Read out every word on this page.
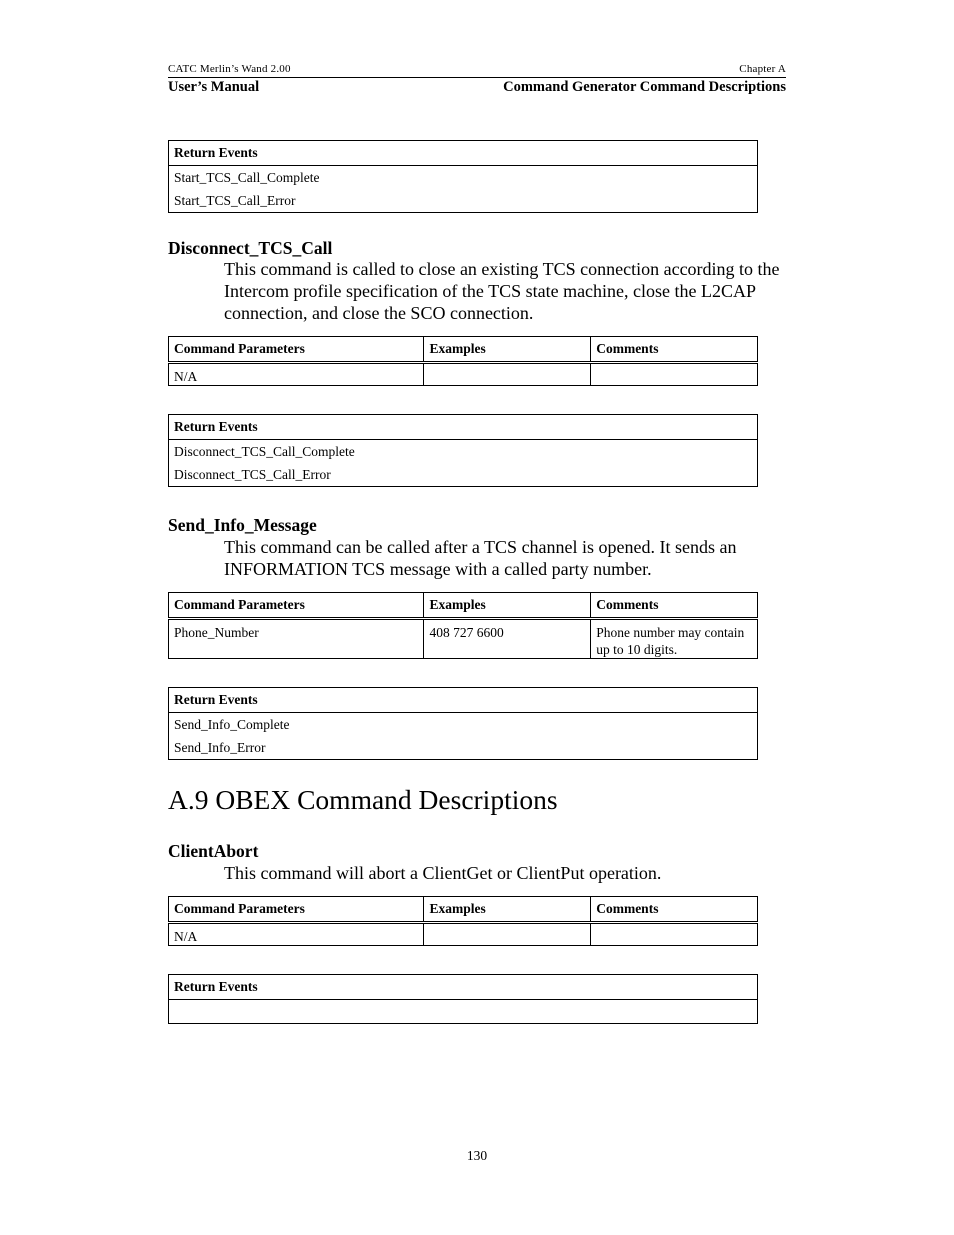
CATC Merlin’s Wand 2.00	Chapter A
User’s Manual	Command Generator Command Descriptions
Return Events
Start_TCS_Call_Complete
Start_TCS_Call_Error
Disconnect_TCS_Call
This command is called to close an existing TCS connection according to the Intercom profile specification of the TCS state machine, close the L2CAP connection, and close the SCO connection.
Command Parameters	Examples	Comments
N/A		
Return Events
Disconnect_TCS_Call_Complete
Disconnect_TCS_Call_Error
Send_Info_Message
This command can be called after a TCS channel is opened. It sends an INFORMATION TCS message with a called party number.
Command Parameters	Examples	Comments
Phone_Number	408 727 6600	Phone number may contain up to 10 digits.
Return Events
Send_Info_Complete
Send_Info_Error
A.9 OBEX Command Descriptions
ClientAbort
This command will abort a ClientGet or ClientPut operation.
Command Parameters	Examples	Comments
N/A		
Return Events

130
